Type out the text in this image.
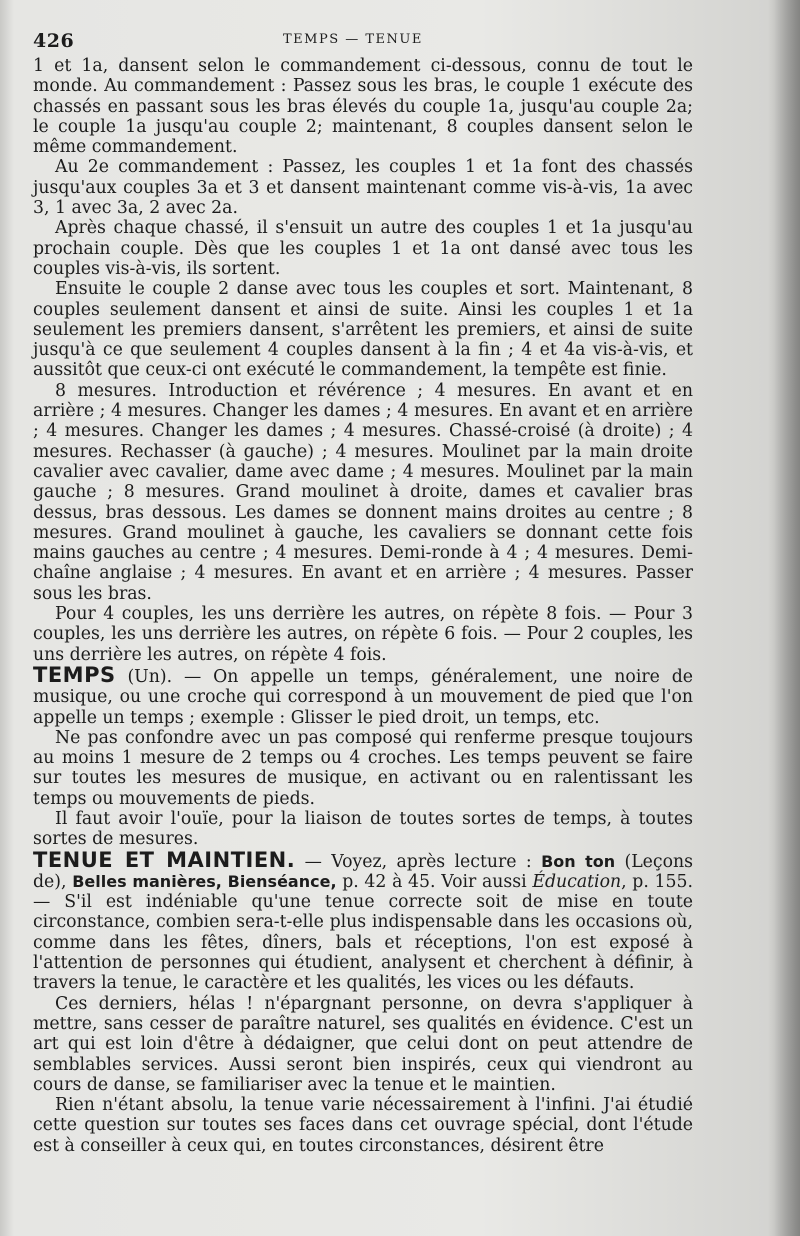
426	TEMPS — TENUE

1 et 1a, dansent selon le commandement ci-dessous, connu de tout le monde. Au commandement : Passez sous les bras, le couple 1 exécute des chassés en passant sous les bras élevés du couple 1a, jusqu'au couple 2a; le couple 1a jusqu'au couple 2; maintenant, 8 couples dansent selon le même commandement.

Au 2e commandement : Passez, les couples 1 et 1a font des chassés jusqu'aux couples 3a et 3 et dansent maintenant comme vis-à-vis, 1a avec 3, 1 avec 3a, 2 avec 2a.

Après chaque chassé, il s'ensuit un autre des couples 1 et 1a jusqu'au prochain couple. Dès que les couples 1 et 1a ont dansé avec tous les couples vis-à-vis, ils sortent.

Ensuite le couple 2 danse avec tous les couples et sort. Maintenant, 8 couples seulement dansent et ainsi de suite. Ainsi les couples 1 et 1a seulement les premiers dansent, s'arrêtent les premiers, et ainsi de suite jusqu'à ce que seulement 4 couples dansent à la fin ; 4 et 4a vis-à-vis, et aussitôt que ceux-ci ont exécuté le commandement, la tempête est finie.

8 mesures. Introduction et révérence ; 4 mesures. En avant et en arrière ; 4 mesures. Changer les dames ; 4 mesures. En avant et en arrière ; 4 mesures. Changer les dames ; 4 mesures. Chassé-croisé (à droite) ; 4 mesures. Rechasser (à gauche) ; 4 mesures. Moulinet par la main droite cavalier avec cavalier, dame avec dame ; 4 mesures. Moulinet par la main gauche ; 8 mesures. Grand moulinet à droite, dames et cavalier bras dessus, bras dessous. Les dames se donnent mains droites au centre ; 8 mesures. Grand moulinet à gauche, les cavaliers se donnant cette fois mains gauches au centre ; 4 mesures. Demi-ronde à 4 ; 4 mesures. Demi-chaîne anglaise ; 4 mesures. En avant et en arrière ; 4 mesures. Passer sous les bras.

Pour 4 couples, les uns derrière les autres, on répète 8 fois. — Pour 3 couples, les uns derrière les autres, on répète 6 fois. — Pour 2 couples, les uns derrière les autres, on répète 4 fois.

TEMPS (Un). — On appelle un temps, généralement, une noire de musique, ou une croche qui correspond à un mouvement de pied que l'on appelle un temps ; exemple : Glisser le pied droit, un temps, etc.

Ne pas confondre avec un pas composé qui renferme presque toujours au moins 1 mesure de 2 temps ou 4 croches. Les temps peuvent se faire sur toutes les mesures de musique, en activant ou en ralentissant les temps ou mouvements de pieds.

Il faut avoir l'ouïe, pour la liaison de toutes sortes de temps, à toutes sortes de mesures.

TENUE ET MAINTIEN. — Voyez, après lecture : Bon ton (Leçons de), Belles manières, Bienséance, p. 42 à 45. Voir aussi Éducation, p. 155. — S'il est indéniable qu'une tenue correcte soit de mise en toute circonstance, combien sera-t-elle plus indispensable dans les occasions où, comme dans les fêtes, dîners, bals et réceptions, l'on est exposé à l'attention de personnes qui étudient, analysent et cherchent à définir, à travers la tenue, le caractère et les qualités, les vices ou les défauts.

Ces derniers, hélas ! n'épargnant personne, on devra s'appliquer à mettre, sans cesser de paraître naturel, ses qualités en évidence. C'est un art qui est loin d'être à dédaigner, que celui dont on peut attendre de semblables services. Aussi seront bien inspirés, ceux qui viendront au cours de danse, se familiariser avec la tenue et le maintien.

Rien n'étant absolu, la tenue varie nécessairement à l'infini. J'ai étudié cette question sur toutes ses faces dans cet ouvrage spécial, dont l'étude est à conseiller à ceux qui, en toutes circonstances, désirent être
